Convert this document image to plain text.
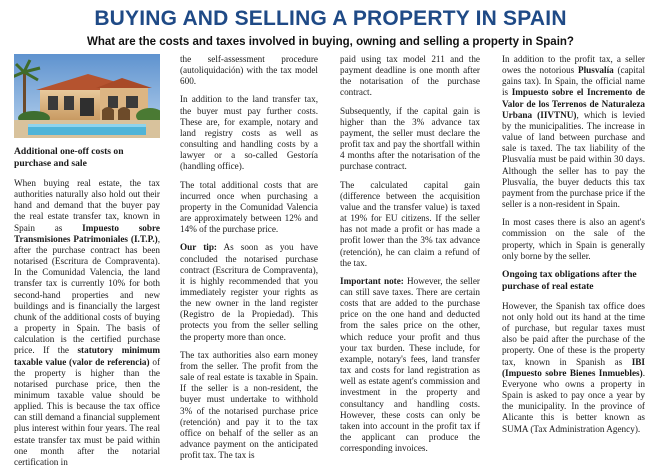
BUYING AND SELLING A PROPERTY IN SPAIN
What are the costs and taxes involved in buying, owning and selling a property in Spain?
Additional one-off costs on purchase and sale

When buying real estate, the tax authorities naturally also hold out their hand and demand that the buyer pay the real estate transfer tax, known in Spain as Impuesto sobre Transmisiones Patrimoniales (I.T.P.), after the purchase contract has been notarised (Escritura de Compraventa). In the Comunidad Valencia, the land transfer tax is currently 10% for both second-hand properties and new buildings and is financially the largest chunk of the additional costs of buying a property in Spain. The basis of calculation is the certified purchase price. If the statutory minimum taxable value (valor de referencia) of the property is higher than the notarised purchase price, then the minimum taxable value should be applied. This is because the tax office can still demand a financial supplement plus interest within four years. The real estate transfer tax must be paid within one month after the notarial certification in

the self-assessment procedure (autoliquidación) with the tax model 600.

In addition to the land transfer tax, the buyer must pay further costs. These are, for example, notary and land registry costs as well as consulting and handling costs by a lawyer or a so-called Gestoría (handling office).

The total additional costs that are incurred once when purchasing a property in the Comunidad Valencia are approximately between 12% and 14% of the purchase price.

Our tip: As soon as you have concluded the notarised purchase contract (Escritura de Compraventa), it is highly recommended that you immediately register your rights as the new owner in the land register (Registro de la Propiedad). This protects you from the seller selling the property more than once.

The tax authorities also earn money from the seller. The profit from the sale of real estate is taxable in Spain. If the seller is a non-resident, the buyer must undertake to withhold 3% of the notarised purchase price (retención) and pay it to the tax office on behalf of the seller as an advance payment on the anticipated profit tax. The tax is

paid using tax model 211 and the payment deadline is one month after the notarisation of the purchase contract.

Subsequently, if the capital gain is higher than the 3% advance tax payment, the seller must declare the profit tax and pay the shortfall within 4 months after the notarisation of the purchase contract.

The calculated capital gain (difference between the acquisition value and the transfer value) is taxed at 19% for EU citizens. If the seller has not made a profit or has made a profit lower than the 3% tax advance (retención), he can claim a refund of the tax.

Important note: However, the seller can still save taxes. There are certain costs that are added to the purchase price on the one hand and deducted from the sales price on the other, which reduce your profit and thus your tax burden. These include, for example, notary's fees, land transfer tax and costs for land registration as well as estate agent's commission and investment in the property and consultancy and handling costs. However, these costs can only be taken into account in the profit tax if the applicant can produce the corresponding invoices.

In addition to the profit tax, a seller owes the notorious Plusvalía (capital gains tax). In Spain, the official name is Impuesto sobre el Incremento de Valor de los Terrenos de Naturaleza Urbana (IIVTNU), which is levied by the municipalities. The increase in value of land between purchase and sale is taxed. The tax liability of the Plusvalía must be paid within 30 days. Although the seller has to pay the Plusvalía, the buyer deducts this tax payment from the purchase price if the seller is a non-resident in Spain.

In most cases there is also an agent's commission on the sale of the property, which in Spain is generally only borne by the seller.

Ongoing tax obligations after the purchase of real estate

However, the Spanish tax office does not only hold out its hand at the time of purchase, but regular taxes must also be paid after the purchase of the property. One of these is the property tax, known in Spanish as IBI (Impuesto sobre Bienes Inmuebles). Everyone who owns a property in Spain is asked to pay once a year by the municipality. In the province of Alicante this is better known as SUMA (Tax Administration Agency).
